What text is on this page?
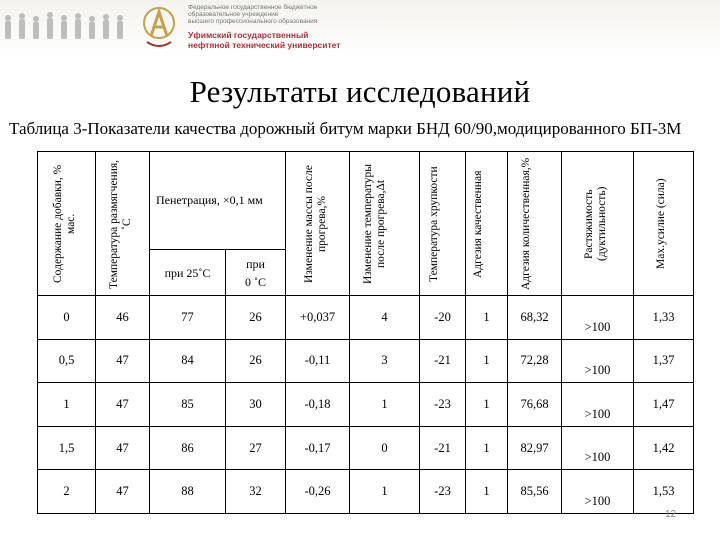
Федеральное государственное бюджетное
образовательное учреждение
высшего профессионального образования
Уфимский государственный
нефтяной технический университет
Результаты исследований
Таблица 3-Показатели качества дорожный битум марки БНД 60/90,модицированного БП-3М
Содержание добавки, % мас.	Температура размягчения, ˚С	Пенетрация, ×0,1 мм		Изменение массы после прогрева,%	Изменение температуры после прогрева,Δt	Температура хрупкости	Адгезия качественная	Адгезия количественная,%	Растяжимость (дуктильность)	Мах.усилие (сила)

		при 25˚С	при
0 ˚С							

0	46	77	26	+0,037	4	-20	1	68,32	>100	1,33
0,5	47	84	26	-0,11	3	-21	1	72,28	>100	1,37
1	47	85	30	-0,18	1	-23	1	76,68	>100	1,47
1,5	47	86	27	-0,17	0	-21	1	82,97	>100	1,42
2	47	88	32	-0,26	1	-23	1	85,56	>100	1,53
12
